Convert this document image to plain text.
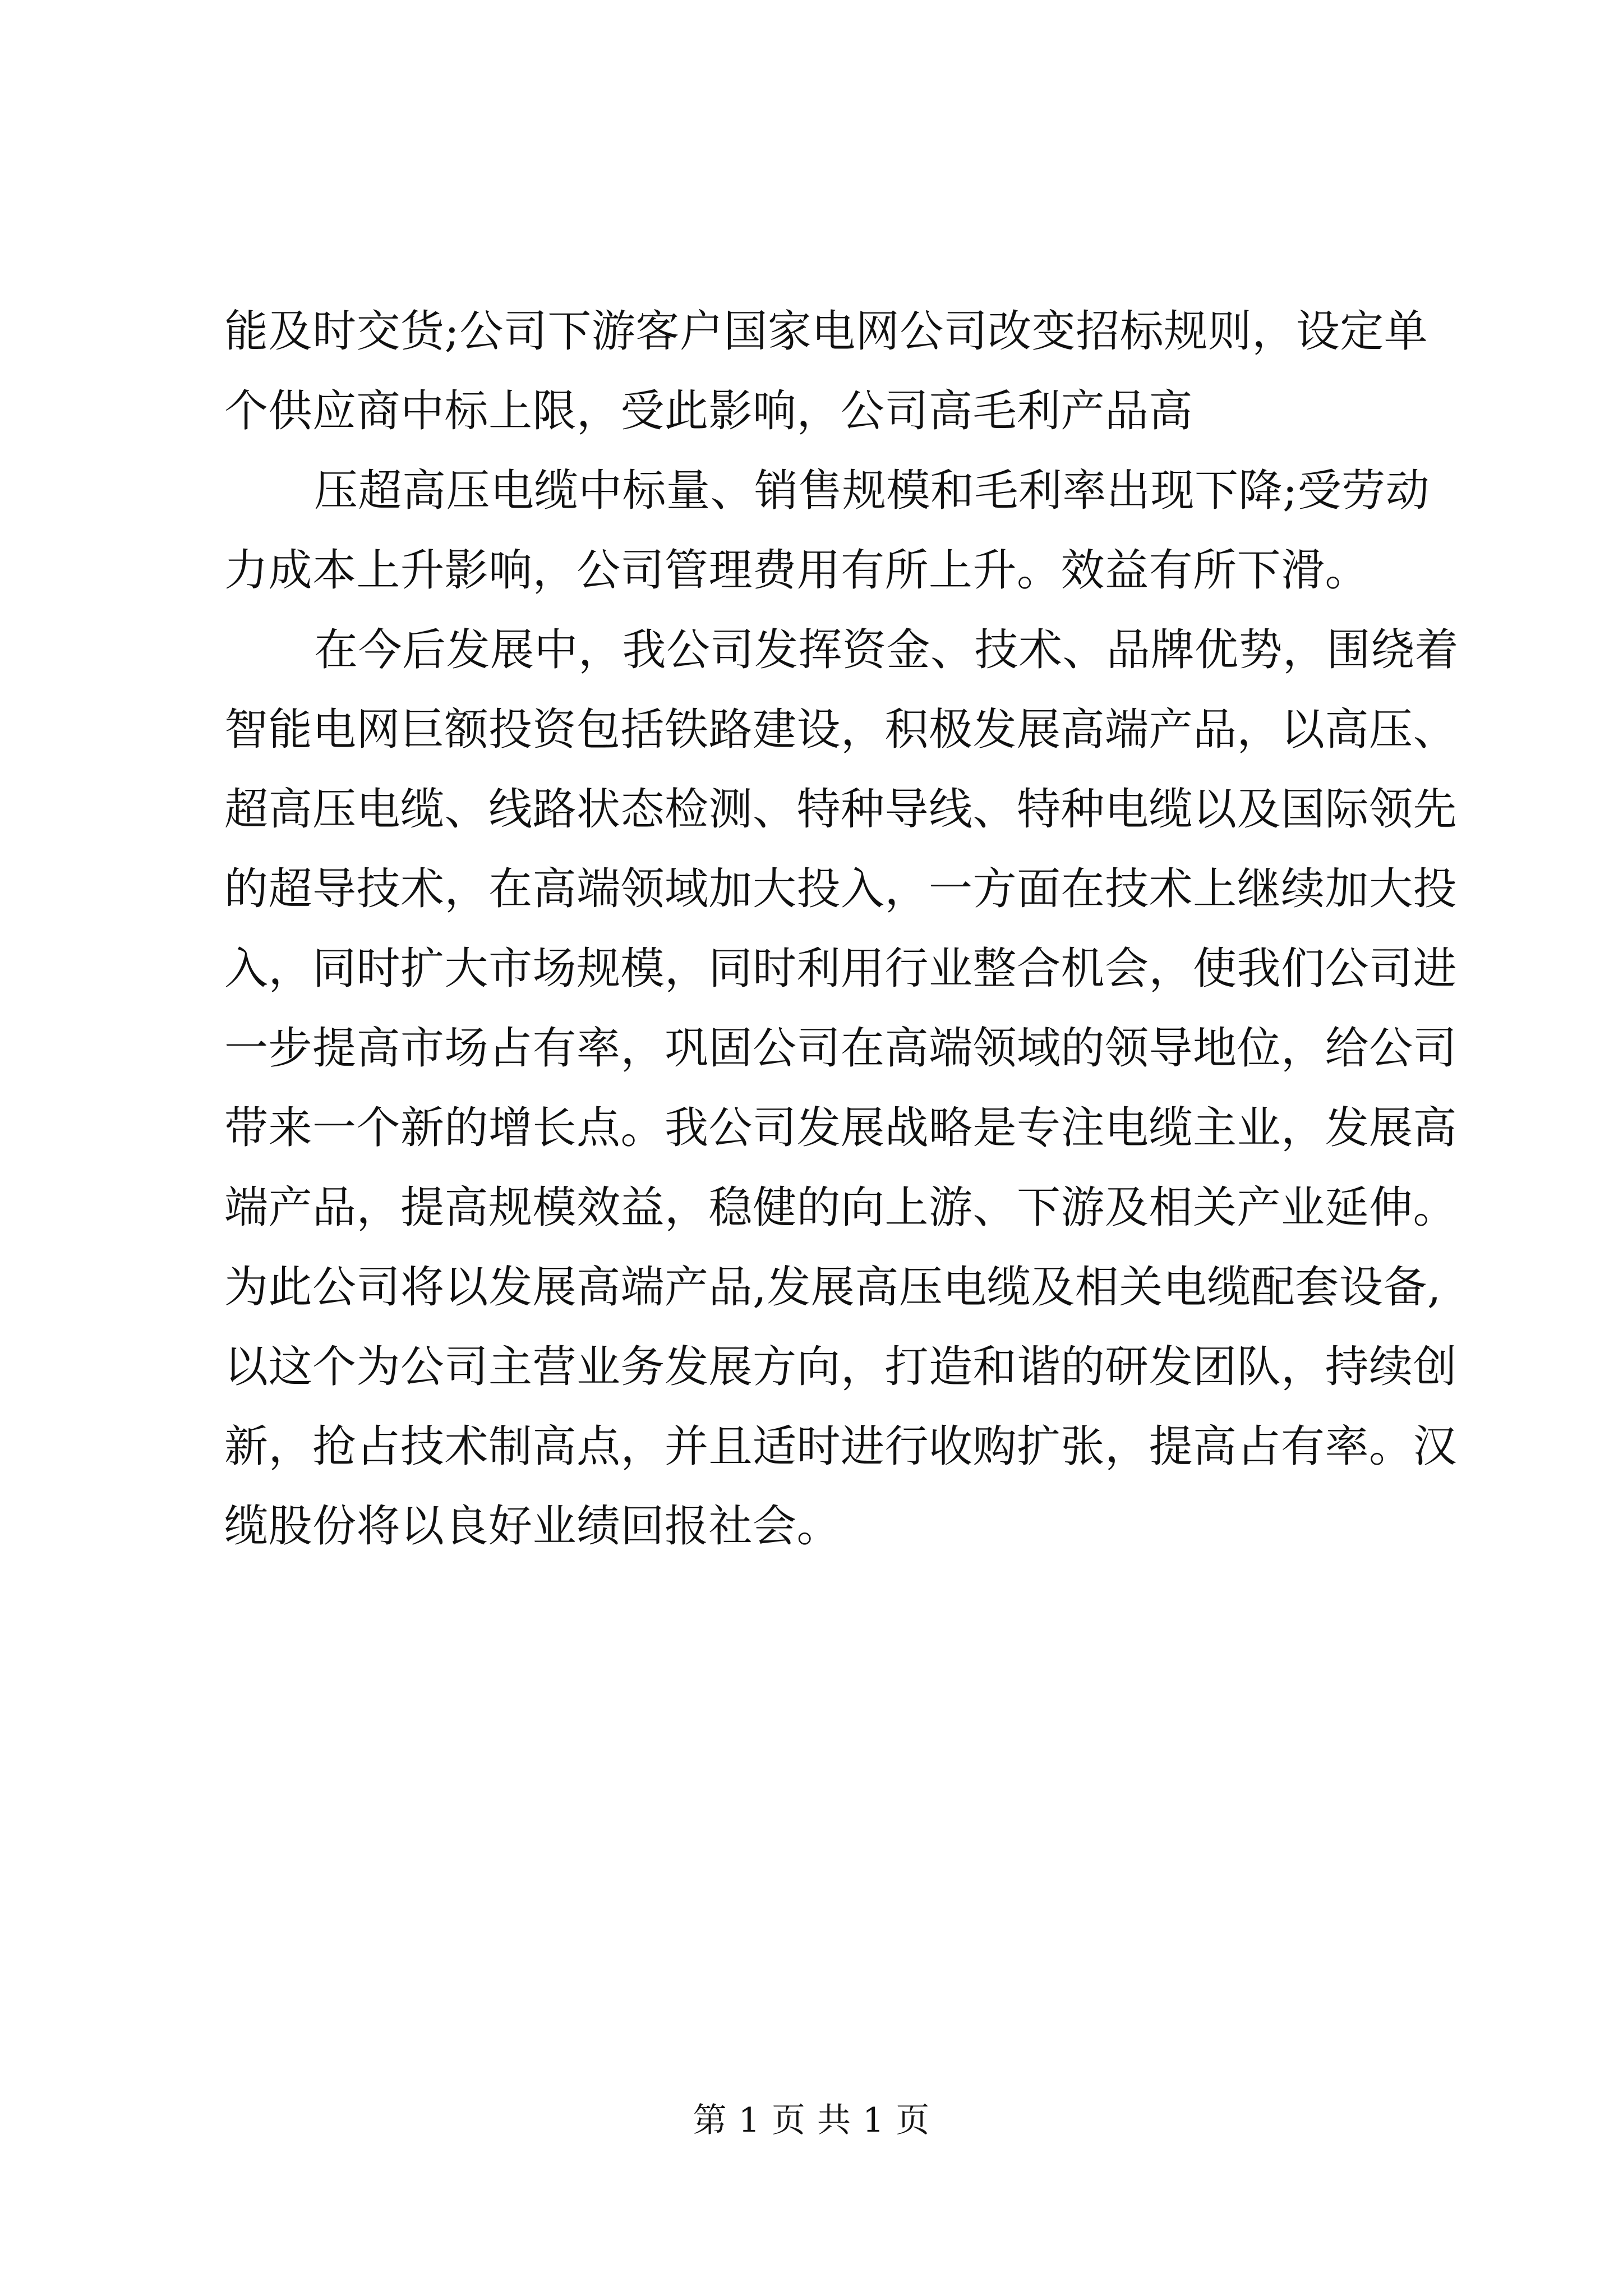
能及时交货;公司下游客户国家电网公司改变招标规则，设定单
个供应商中标上限，受此影响，公司高毛利产品高
压超高压电缆中标量、销售规模和毛利率出现下降;受劳动
力成本上升影响，公司管理费用有所上升。效益有所下滑。
在今后发展中，我公司发挥资金、技术、品牌优势，围绕着
智能电网巨额投资包括铁路建设，积极发展高端产品，以高压、
超高压电缆、线路状态检测、特种导线、特种电缆以及国际领先
的超导技术，在高端领域加大投入，一方面在技术上继续加大投
入，同时扩大市场规模，同时利用行业整合机会，使我们公司进
一步提高市场占有率，巩固公司在高端领域的领导地位，给公司
带来一个新的增长点。我公司发展战略是专注电缆主业，发展高
端产品，提高规模效益，稳健的向上游、下游及相关产业延伸。
为此公司将以发展高端产品,发展高压电缆及相关电缆配套设备,
以这个为公司主营业务发展方向，打造和谐的研发团队，持续创
新，抢占技术制高点，并且适时进行收购扩张，提高占有率。汉
缆股份将以良好业绩回报社会。
第 1 页 共 1 页
